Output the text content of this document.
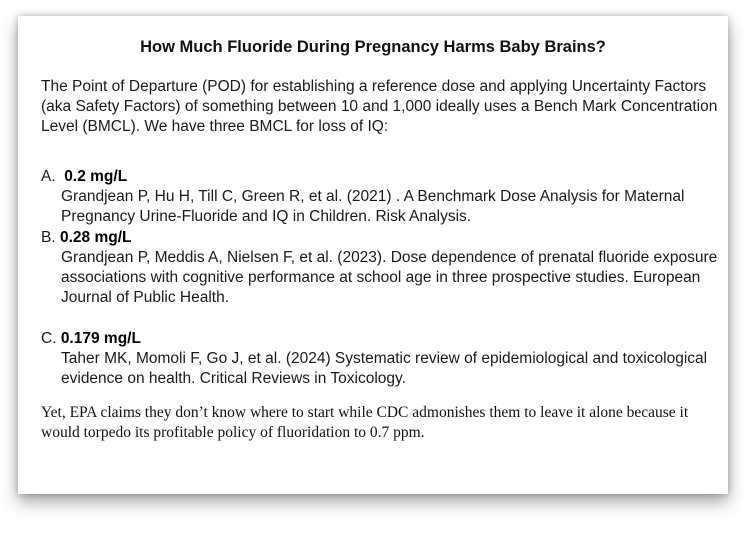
How Much Fluoride During Pregnancy Harms Baby Brains?
The Point of Departure (POD) for establishing a reference dose and applying Uncertainty Factors (aka Safety Factors) of something between 10 and 1,000 ideally uses a Bench Mark Concentration Level (BMCL). We have three BMCL for loss of IQ:
A. 0.2 mg/L
Grandjean P, Hu H, Till C, Green R, et al. (2021) . A Benchmark Dose Analysis for Maternal Pregnancy Urine-Fluoride and IQ in Children. Risk Analysis.
B. 0.28 mg/L
Grandjean P, Meddis A, Nielsen F, et al. (2023). Dose dependence of prenatal fluoride exposure associations with cognitive performance at school age in three prospective studies. European Journal of Public Health.
C. 0.179 mg/L
Taher MK, Momoli F, Go J, et al. (2024) Systematic review of epidemiological and toxicological evidence on health. Critical Reviews in Toxicology.
Yet, EPA claims they don’t know where to start while CDC admonishes them to leave it alone because it would torpedo its profitable policy of fluoridation to 0.7 ppm.
